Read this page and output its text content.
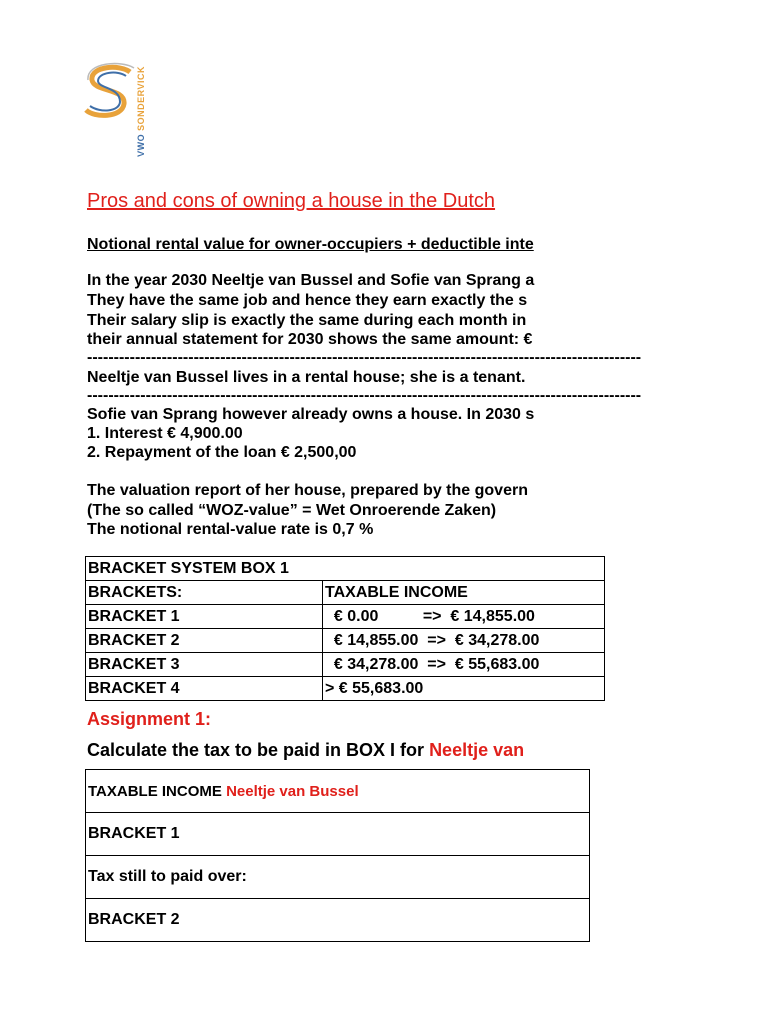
VWO SONDERVICK
Pros and cons of owning a house in the Dutch
Notional rental value for owner-occupiers + deductible inte
In the year 2030 Neeltje van Bussel and Sofie van Sprang a
They have the same job and hence they earn exactly the s
Their salary slip is exactly the same during each month in
their annual statement for 2030 shows the same amount: €
--------------------------------------------------------------------------------------------------------
Neeltje van Bussel lives in a rental house; she is a tenant.
--------------------------------------------------------------------------------------------------------
Sofie van Sprang however already owns a house. In 2030 s
1. Interest € 4,900.00
2. Repayment of the loan € 2,500,00
The valuation report of her house, prepared by the govern
(The so called “WOZ-value” = Wet Onroerende Zaken)
The notional rental-value rate is 0,7 %
BRACKET SYSTEM BOX 1	
BRACKETS:	TAXABLE INCOME
BRACKET 1	€ 0.00          =>  € 14,855.00
BRACKET 2	€ 14,855.00  =>  € 34,278.00
BRACKET 3	€ 34,278.00  =>  € 55,683.00
BRACKET 4	> € 55,683.00
Assignment 1:
Calculate the tax to be paid in BOX I for Neeltje van
TAXABLE INCOME Neeltje van Bussel
BRACKET 1
Tax still to paid over:
BRACKET 2
